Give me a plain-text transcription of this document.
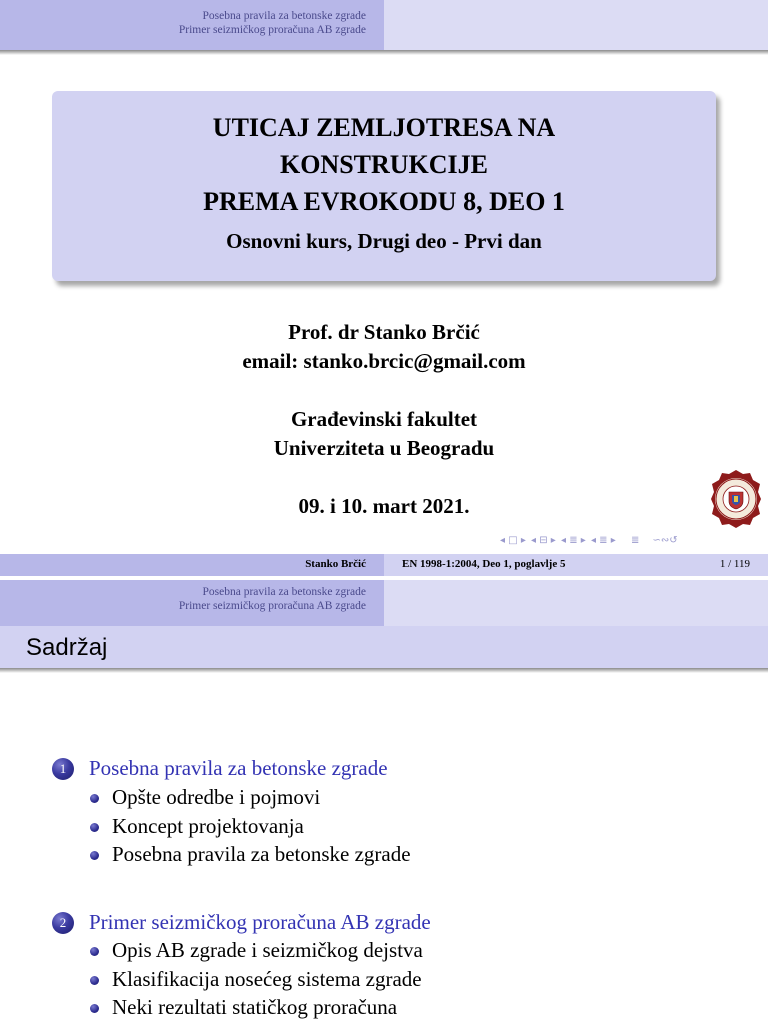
Posebna pravila za betonske zgrade
Primer seizmičkog proračuna AB zgrade
UTICAJ ZEMLJOTRESA NA
KONSTRUKCIJE
PREMA EVROKODU 8, DEO 1
Osnovni kurs, Drugi deo - Prvi dan
Prof. dr Stanko Brčić
email: stanko.brcic@gmail.com
Građevinski fakultet
Univerziteta u Beogradu
09. i 10. mart 2021.
◂ □ ▸ ◂ ⊟ ▸ ◂ ≣ ▸ ◂ ≣ ▸ ≣ ∽∾↺
Stanko Brčić	EN 1998-1:2004, Deo 1, poglavlje 5	1 / 119
Posebna pravila za betonske zgrade
Primer seizmičkog proračuna AB zgrade
Sadržaj
1	Posebna pravila za betonske zgrade
Opšte odredbe i pojmovi
Koncept projektovanja
Posebna pravila za betonske zgrade
2	Primer seizmičkog proračuna AB zgrade
Opis AB zgrade i seizmičkog dejstva
Klasifikacija nosećeg sistema zgrade
Neki rezultati statičkog proračuna
